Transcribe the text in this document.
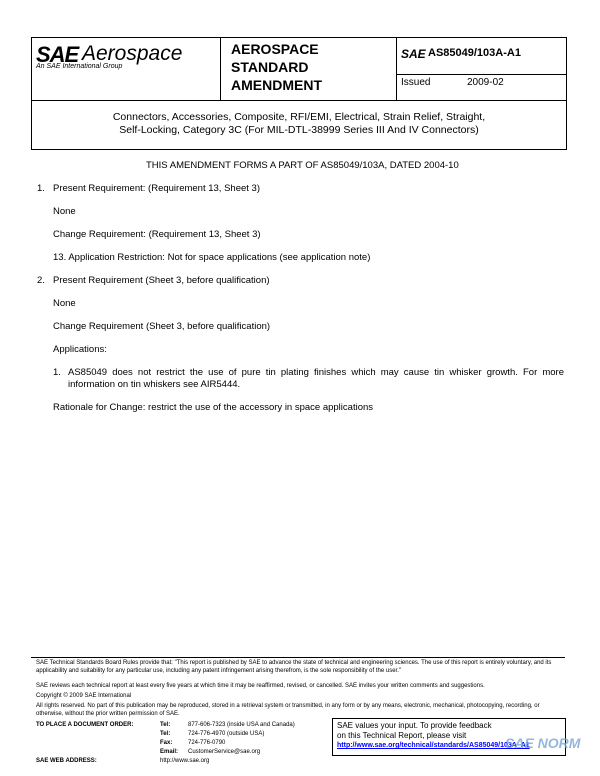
SAE Aerospace
An SAE International Group
AEROSPACE
STANDARD
AMENDMENT
SAE AS85049/103A-A1
Issued	2009-02
Connectors, Accessories, Composite, RFI/EMI, Electrical, Strain Relief, Straight,
Self-Locking, Category 3C (For MIL-DTL-38999 Series III And IV Connectors)
THIS AMENDMENT FORMS A PART OF AS85049/103A, DATED 2004-10
1. Present Requirement: (Requirement 13, Sheet 3)
None
Change Requirement: (Requirement 13, Sheet 3)
13. Application Restriction: Not for space applications (see application note)
2. Present Requirement (Sheet 3, before qualification)
None
Change Requirement (Sheet 3, before qualification)
Applications:
1. AS85049 does not restrict the use of pure tin plating finishes which may cause tin whisker growth. For more information on tin whiskers see AIR5444.
Rationale for Change: restrict the use of the accessory in space applications
SAE Technical Standards Board Rules provide that: "This report is published by SAE to advance the state of technical and engineering sciences. The use of this report is entirely voluntary, and its applicability and suitability for any particular use, including any patent infringement arising therefrom, is the sole responsibility of the user."
SAE reviews each technical report at least every five years at which time it may be reaffirmed, revised, or cancelled. SAE invites your written comments and suggestions.
Copyright © 2009 SAE International
All rights reserved. No part of this publication may be reproduced, stored in a retrieval system or transmitted, in any form or by any means, electronic, mechanical, photocopying, recording, or otherwise, without the prior written permission of SAE.
TO PLACE A DOCUMENT ORDER:	Tel:	877-606-7323 (inside USA and Canada)
Tel:	724-776-4970 (outside USA)
Fax:	724-776-0790
Email: CustomerService@sae.org
SAE WEB ADDRESS:	http://www.sae.org
SAE values your input. To provide feedback
on this Technical Report, please visit
http://www.sae.org/technical/standards/AS85049/103A_A1
SAE NORM
